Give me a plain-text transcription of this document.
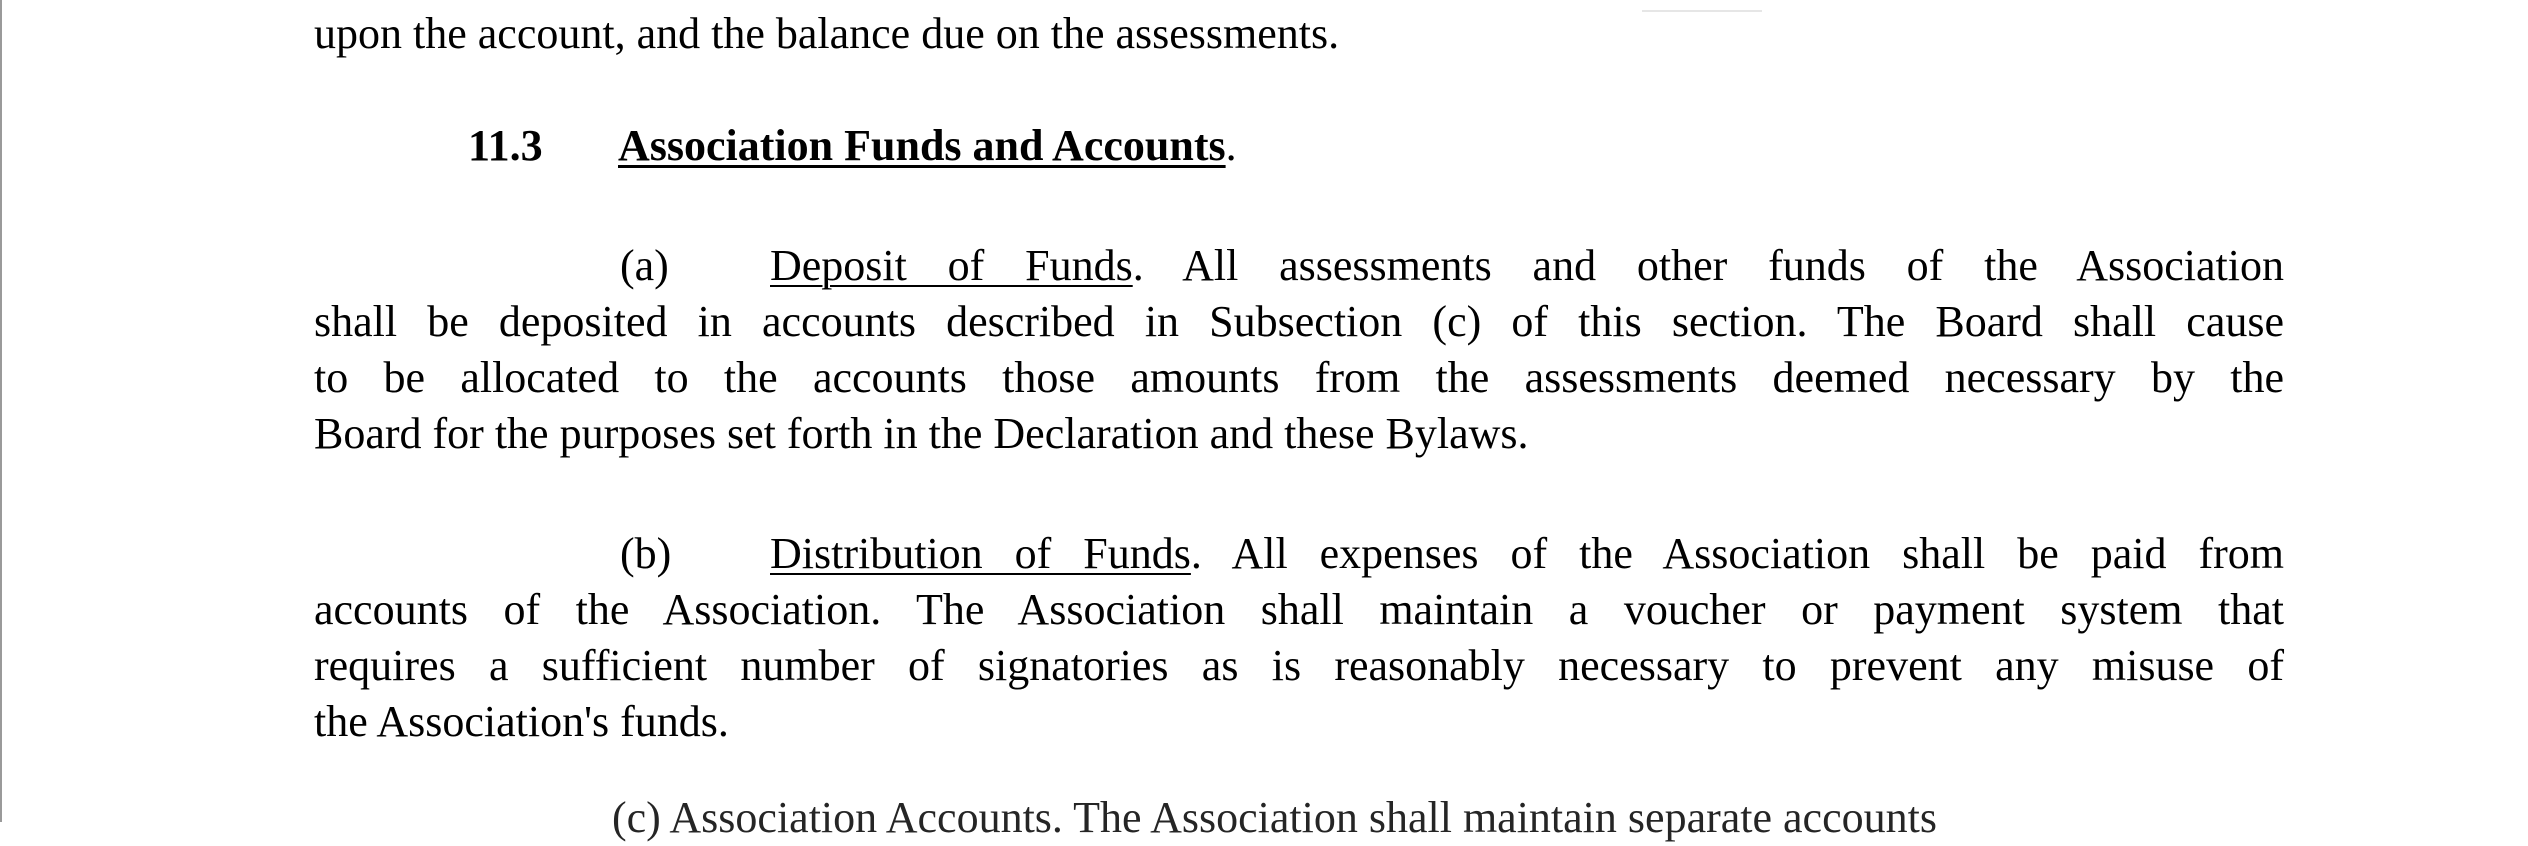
upon the account, and the balance due on the assessments.
11.3 Association Funds and Accounts.
(a) Deposit of Funds. All assessments and other funds of the Association
shall be deposited in accounts described in Subsection (c) of this section. The Board shall cause
to be allocated to the accounts those amounts from the assessments deemed necessary by the
Board for the purposes set forth in the Declaration and these Bylaws.
(b) Distribution of Funds. All expenses of the Association shall be paid from
accounts of the Association. The Association shall maintain a voucher or payment system that
requires a sufficient number of signatories as is reasonably necessary to prevent any misuse of
the Association's funds.
(c) Association Accounts. The Association shall maintain separate accounts
